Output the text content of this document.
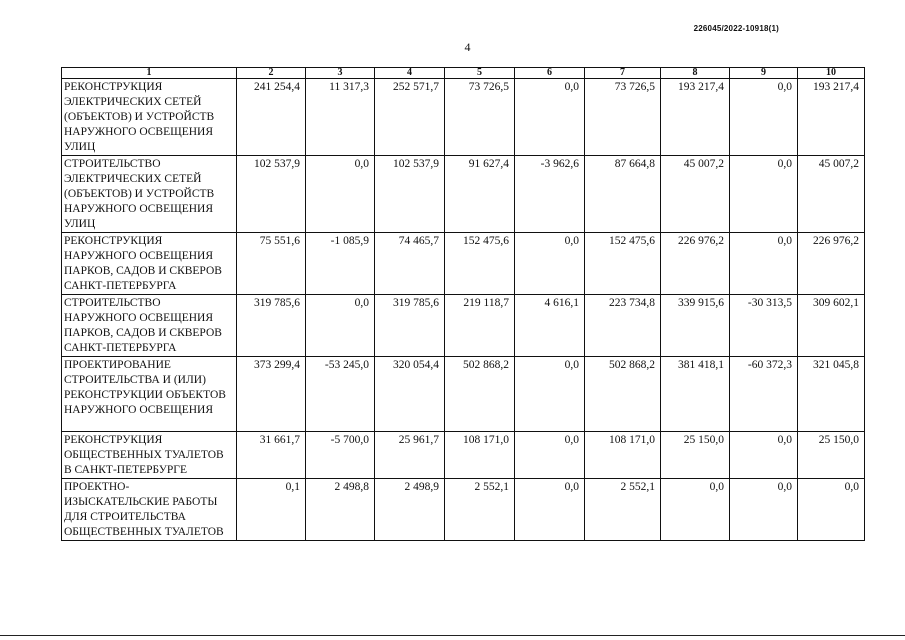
226045/2022-10918(1)
4
1	2	3	4	5	6	7	8	9	10
РЕКОНСТРУКЦИЯ ЭЛЕКТРИЧЕСКИХ СЕТЕЙ (ОБЪЕКТОВ) И УСТРОЙСТВ НАРУЖНОГО ОСВЕЩЕНИЯ УЛИЦ	241 254,4	11 317,3	252 571,7	73 726,5	0,0	73 726,5	193 217,4	0,0	193 217,4
СТРОИТЕЛЬСТВО ЭЛЕКТРИЧЕСКИХ СЕТЕЙ (ОБЪЕКТОВ) И УСТРОЙСТВ НАРУЖНОГО ОСВЕЩЕНИЯ УЛИЦ	102 537,9	0,0	102 537,9	91 627,4	-3 962,6	87 664,8	45 007,2	0,0	45 007,2
РЕКОНСТРУКЦИЯ НАРУЖНОГО ОСВЕЩЕНИЯ ПАРКОВ, САДОВ И СКВЕРОВ САНКТ-ПЕТЕРБУРГА	75 551,6	-1 085,9	74 465,7	152 475,6	0,0	152 475,6	226 976,2	0,0	226 976,2
СТРОИТЕЛЬСТВО НАРУЖНОГО ОСВЕЩЕНИЯ ПАРКОВ, САДОВ И СКВЕРОВ САНКТ-ПЕТЕРБУРГА	319 785,6	0,0	319 785,6	219 118,7	4 616,1	223 734,8	339 915,6	-30 313,5	309 602,1
ПРОЕКТИРОВАНИЕ СТРОИТЕЛЬСТВА И (ИЛИ) РЕКОНСТРУКЦИИ ОБЪЕКТОВ НАРУЖНОГО ОСВЕЩЕНИЯ	373 299,4	-53 245,0	320 054,4	502 868,2	0,0	502 868,2	381 418,1	-60 372,3	321 045,8
РЕКОНСТРУКЦИЯ ОБЩЕСТВЕННЫХ ТУАЛЕТОВ В САНКТ-ПЕТЕРБУРГЕ	31 661,7	-5 700,0	25 961,7	108 171,0	0,0	108 171,0	25 150,0	0,0	25 150,0
ПРОЕКТНО-ИЗЫСКАТЕЛЬСКИЕ РАБОТЫ ДЛЯ СТРОИТЕЛЬСТВА ОБЩЕСТВЕННЫХ ТУАЛЕТОВ	0,1	2 498,8	2 498,9	2 552,1	0,0	2 552,1	0,0	0,0	0,0
